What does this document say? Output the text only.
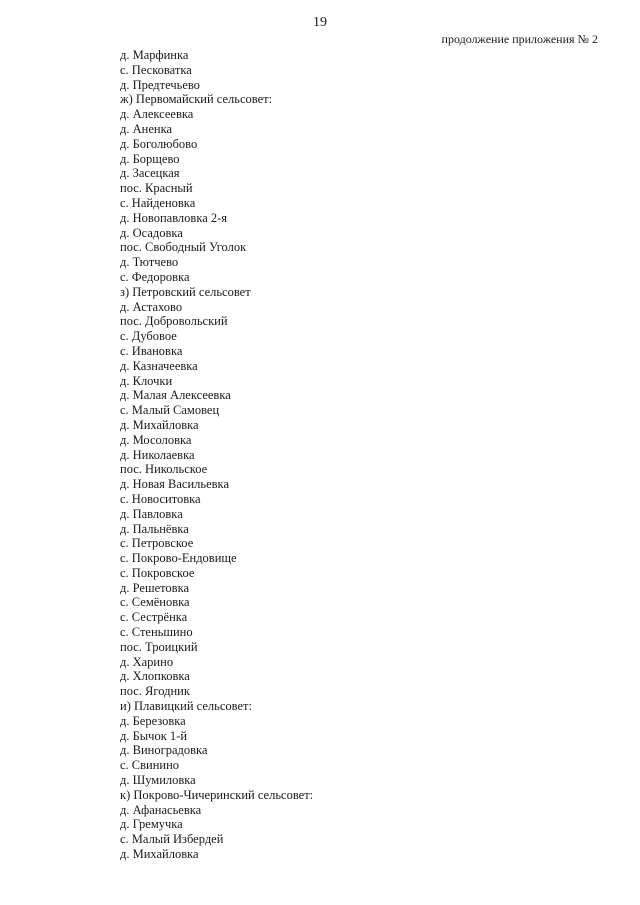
19
продолжение приложения № 2
д. Марфинка
с. Песковатка
д. Предтечьево
ж) Первомайский сельсовет:
д. Алексеевка
д. Аненка
д. Боголюбово
д. Борщево
д. Засецкая
пос. Красный
с. Найденовка
д. Новопавловка 2-я
д. Осадовка
пос. Свободный Уголок
д. Тютчево
с. Федоровка
з) Петровский сельсовет
д. Астахово
пос. Добровольский
с. Дубовое
с. Ивановка
д. Казначеевка
д. Клочки
д. Малая Алексеевка
с. Малый Самовец
д. Михайловка
д. Мосоловка
д. Николаевка
пос. Никольское
д. Новая Васильевка
с. Новоситовка
д. Павловка
д. Пальнёвка
с. Петровское
с. Покрово-Ендовище
с. Покровское
д. Решетовка
с. Семёновка
с. Сестрёнка
с. Стеньшино
пос. Троицкий
д. Харино
д. Хлопковка
пос. Ягодник
и) Плавицкий сельсовет:
д. Березовка
д. Бычок 1-й
д. Виноградовка
с. Свинино
д. Шумиловка
к) Покрово-Чичеринский сельсовет:
д. Афанасьевка
д. Гремучка
с. Малый Избердей
д. Михайловка
